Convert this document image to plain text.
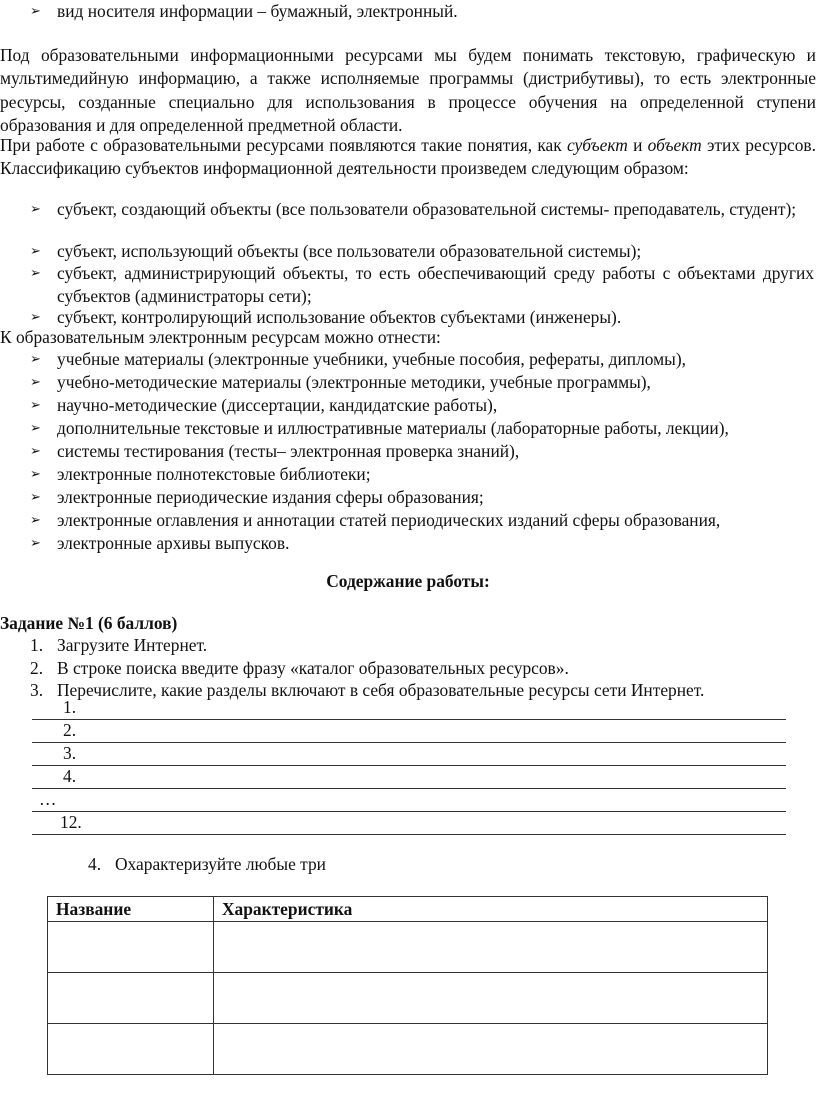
➢ вид носителя информации – бумажный, электронный.
Под образовательными информационными ресурсами мы будем понимать текстовую, графическую и мультимедийную информацию, а также исполняемые программы (дистрибутивы), то есть электронные ресурсы, созданные специально для использования в процессе обучения на определенной ступени образования и для определенной предметной области.
При работе с образовательными ресурсами появляются такие понятия, как субъект и объект этих ресурсов. Классификацию субъектов информационной деятельности произведем следующим образом:
➢ субъект, создающий объекты (все пользователи образовательной системы- преподаватель, студент);
➢ субъект, использующий объекты (все пользователи образовательной системы);
➢ субъект, администрирующий объекты, то есть обеспечивающий среду работы с объектами других субъектов (администраторы сети);
➢ субъект, контролирующий использование объектов субъектами (инженеры).
К образовательным электронным ресурсам можно отнести:
➢ учебные материалы (электронные учебники, учебные пособия, рефераты, дипломы),
➢ учебно-методические материалы (электронные методики, учебные программы),
➢ научно-методические (диссертации, кандидатские работы),
➢ дополнительные текстовые и иллюстративные материалы (лабораторные работы, лекции),
➢ системы тестирования (тесты– электронная проверка знаний),
➢ электронные полнотекстовые библиотеки;
➢ электронные периодические издания сферы образования;
➢ электронные оглавления и аннотации статей периодических изданий сферы образования,
➢ электронные архивы выпусков.
Содержание работы:
Задание №1 (6 баллов)
1. Загрузите Интернет.
2. В строке поиска введите фразу «каталог образовательных ресурсов».
3. Перечислите, какие разделы включают в себя образовательные ресурсы сети Интернет.
1.
2.
3.
4.
…
12.
4. Охарактеризуйте любые три
Название	Характеристика
